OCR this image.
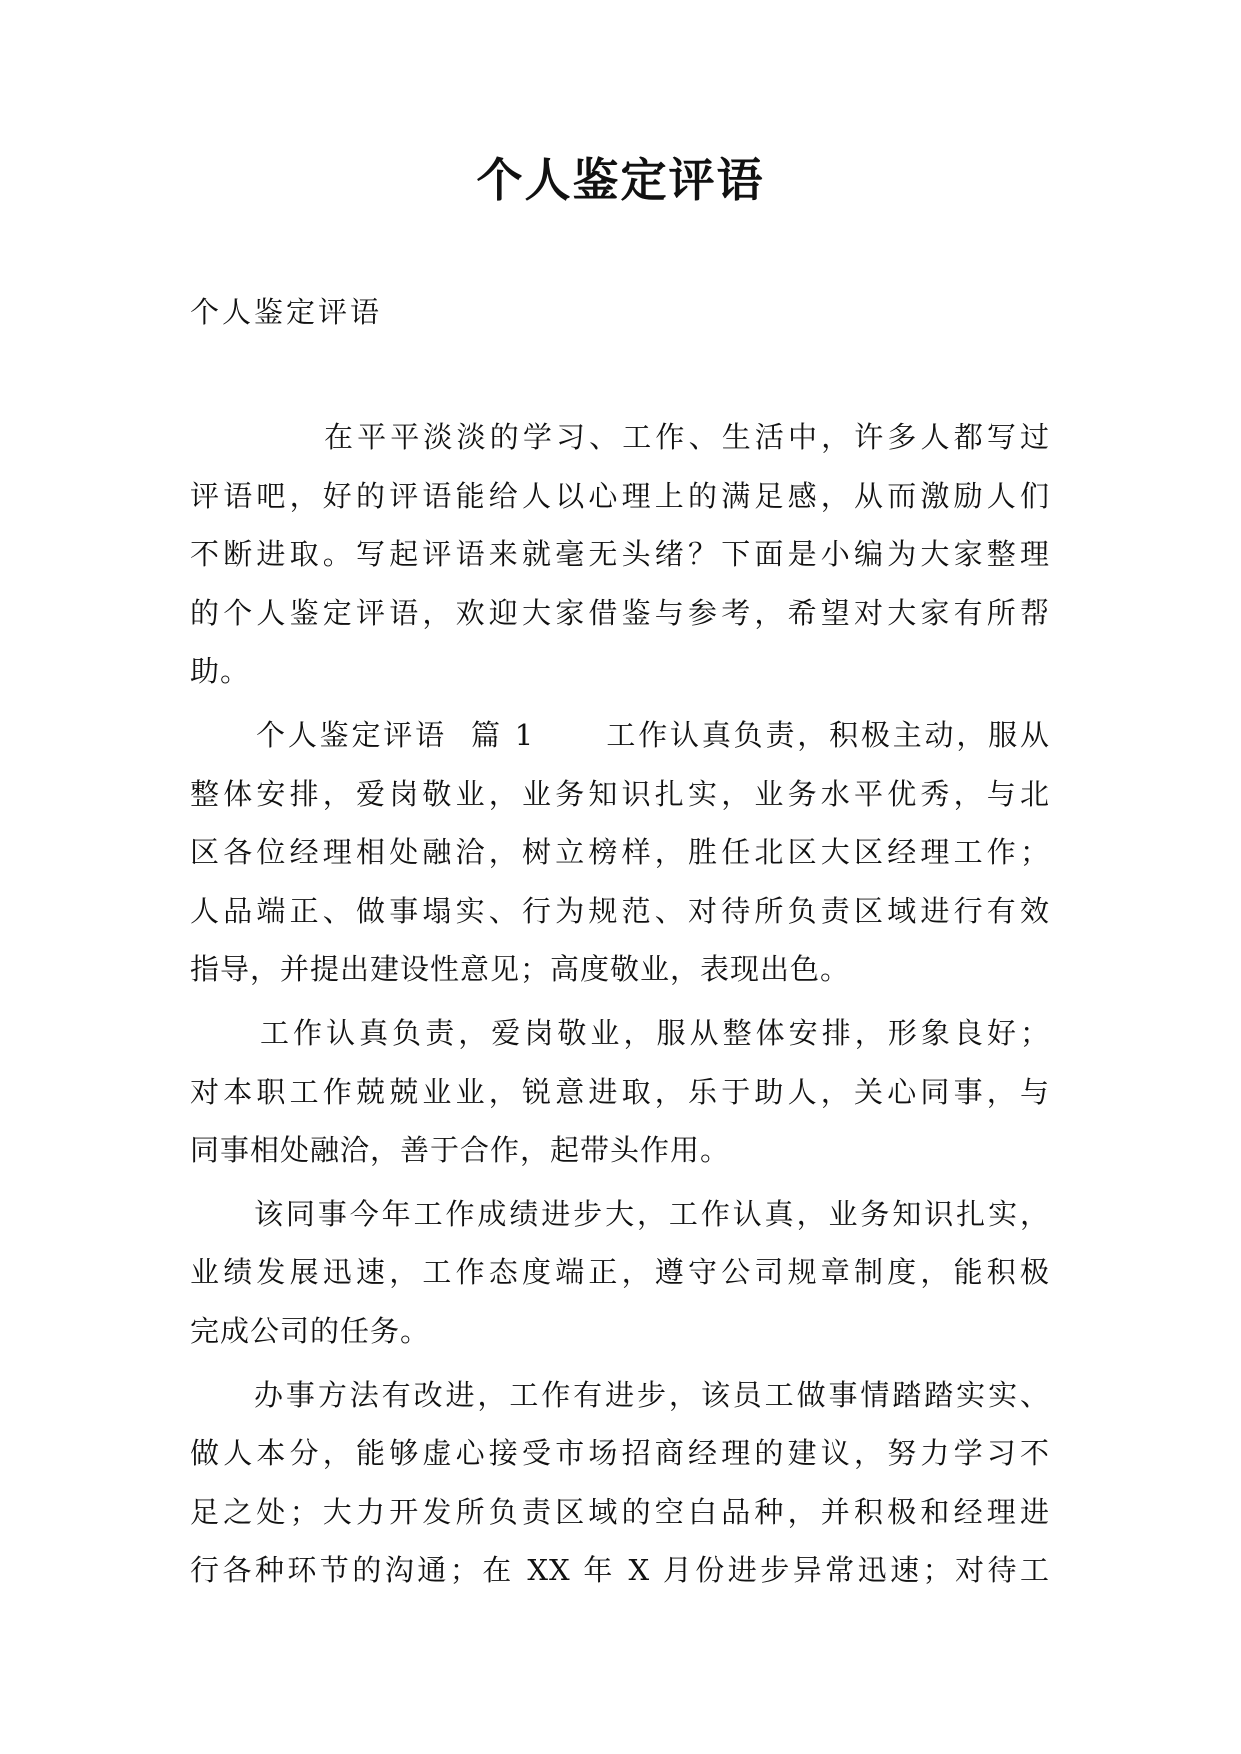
个人鉴定评语

个人鉴定评语

在平平淡淡的学习、工作、生活中，许多人都写过
评语吧，好的评语能给人以心理上的满足感，从而激励人们
不断进取。写起评语来就毫无头绪？下面是小编为大家整理
的个人鉴定评语，欢迎大家借鉴与参考，希望对大家有所帮
助。
个人鉴定评语  篇 1      工作认真负责，积极主动，服从
整体安排，爱岗敬业，业务知识扎实，业务水平优秀，与北
区各位经理相处融洽，树立榜样，胜任北区大区经理工作；
人品端正、做事塌实、行为规范、对待所负责区域进行有效
指导，并提出建设性意见；高度敬业，表现出色。
工作认真负责，爱岗敬业，服从整体安排，形象良好；
对本职工作兢兢业业，锐意进取，乐于助人，关心同事，与
同事相处融洽，善于合作，起带头作用。
该同事今年工作成绩进步大，工作认真，业务知识扎实，
业绩发展迅速，工作态度端正，遵守公司规章制度，能积极
完成公司的任务。
办事方法有改进，工作有进步，该员工做事情踏踏实实、
做人本分，能够虚心接受市场招商经理的建议，努力学习不
足之处；大力开发所负责区域的空白品种，并积极和经理进
行各种环节的沟通；在 XX 年 X 月份进步异常迅速；对待工
